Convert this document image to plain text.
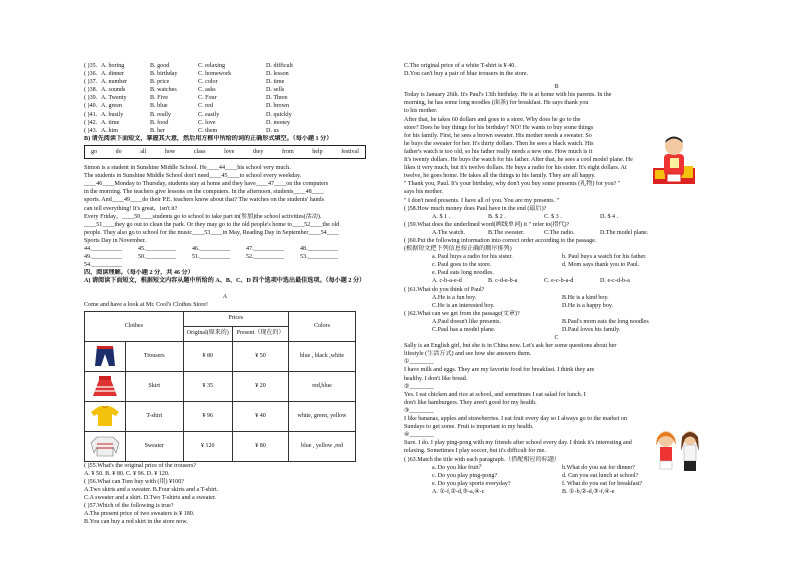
( )35. A. boring	B. good	C. relaxing	D. difficult
( )36. A. dinner	B. birthday	C. homework	D. lesson
( )37. A. number	B. price	C. color	D. time
( )38. A. sounds	B. watches	C. asks	D. sells
( )39. A. Twenty	B. Five	C. Four	D. Three
( )40. A. green	B. blue	C. red	D. brown
( )41. A. busily	B. really	C. easily	D. quickly
( )42. A. time	B. food	C. love	D. money
( )43. A. him	B. her	C. them	D. us
B) 请先阅读下面短文，掌握其大意，然后用方框中所给的词的正确形式填空。（每小题 1 分）
go	do	all	how	class	love	they	from	help	festival
Simon is a student in Sunshine Middle School. He____44____his school very much.
The students in Sunshine Middle School don't need____45____to school every weekday.
____46____Monday to Thursday, students stay at home and they have____47____on the computers
in the morning. The teachers give lessons on the computers. In the afternoon, students____48____
sports. And____49____do their P.E. teachers know about that? The watches on the students' hands
can tell everything! It's great，isn't it?
Every Friday，____50____students go to school to take part in(参加)the school activities(活动).
____51____they go out to clean the park. Or they may go to the old people's home to____52____the old
people. They also go to school for the music____53____in May, Reading Day in September____54____
Sports Day in November.
44.__________	45.__________	46.__________	47.__________	48.__________
49.__________	50.__________	51.__________	52.__________	53.__________
54.__________
四、阅读理解。（每小题 2 分，共 46 分）
A) 请阅读下面短文，根据短文内容从题中所给的 A、B、C、D 四个选项中选出最佳选项。（每小题 2 分）
A
Come and have a look at Mr. Cool's Clothes Store!
Clothes		Prices		Colors
		Original(原来的)	Present（现在的）	

	Trousers	¥ 80	¥ 50	blue , black ,white

	Skirt	¥ 35	¥ 20	red,blue

	T-shirt	¥ 96	¥ 40	white, green, yellow

	Sweater	¥ 120	¥ 80	blue , yellow ,red
( )55.What's the original price of the trousers?
A. ¥ 50. B. ¥ 80. C. ¥ 96. D. ¥ 120.
( )56.What can Tom buy with (用) ¥100?
A.Two skirts and a sweater. B.Four skirts and a T-shirt.
C.A sweater and a skirt. D.Two T-shirts and a sweater.
( )57.Which of the following is true?
A.The present price of two sweaters is ¥ 180.
B.You can buy a red skirt in the store now.
C.The original price of a white T-shirt is ¥ 40.
D.You can't buy a pair of blue trousers in the store.
B
Today is January 26th. It's Paul's 13th birthday. He is at home with his parents. In the
morning, he has some long noodles (面条) for breakfast. He says thank you
to his mother.
After that, he takes 60 dollars and goes to a store. Why does he go to the
store? Does he buy things for his birthday? NO! He wants to buy some things
for his family. First, he sees a brown sweater. His mother needs a sweater. So
he buys the sweater for her. It's thirty dollars. Then he sees a black watch. His
father's watch is too old, so his father really needs a new one. How much is it
It's twenty dollars. He buys the watch for his father. After that, he sees a cool model plane. He
likes it very much, but it's twelve dollars. He buys a radio for his sister. It's eight dollars. At
twelve, he goes home. He takes all the things to his family. They are all happy.
" Thank you, Paul. It's your birthday, why don't you buy some presents (礼物) for you? "
says his mother.
" I don't need presents. I have all of you. You are my presents. "
( )58.How much money does Paul have in the end (最后)?
A. $ 1 .	B. $ 2 .	C. $ 3 .	D. $ 4 .
( )59.What does the underlined word(画线单词) it " refer to(指代)?
A.The watch.	B.The sweater.	C.The radio.	D.The model plane.
( )60.Put the following information into correct order according to the passage.
(根据短文把下列信息按正确的顺序排列)
a. Paul buys a radio for his sister.	b. Paul buys a watch for his father.
c. Paul goes to the store.	d. Mom says thank you to Paul.
e. Paul eats long noodles.
A. c-b-a-e-d	B. c-d-e-b-a	C. e-c-b-a-d	D. e-c-d-b-a
( )61.What do you think of Paul?
A.He is a fun boy.	B.He is a kind boy.
C.He is an interested boy.	D.He is a happy boy.
( )62.What can we get from the passage(文章)?
A.Paul doesn't like presents.	B.Paul's mom eats the long noodles
C.Paul has a model plane.	D.Paul loves his family.
C
Sally is an English girl, but she is in China now. Let's ask her some questions about her
lifestyle (生活方式) and see how she answers them.
①________
I have milk and eggs. They are my favorite food for breakfast. I think they are
healthy. I don't like bread.
②________
Yes. I eat chicken and rice at school, and sometimes I eat salad for lunch. I
don't like hamburgers. They aren't good for my health.
③________
I like bananas, apples and strawberries. I eat fruit every day so I always go to the market on
Sundays to get some. Fruit is important to my health.
④________
Sure. I do. I play ping-pong with my friends after school every day. I think it's interesting and
relaxing. Sometimes I play soccer, but it's difficult for me.
( )63.Match the title with each paragraph.（搭配相应的标题）
a. Do you like fruit？	b.What do you eat for dinner?
c. Do you play ping-pong?	d. Can you eat lunch at school?
e. Do you play sports everyday?	f. What do you eat for breakfast?
A. ①-f,②-d,③-a,④-c	B. ①-b,②-d,③-f,④-e
